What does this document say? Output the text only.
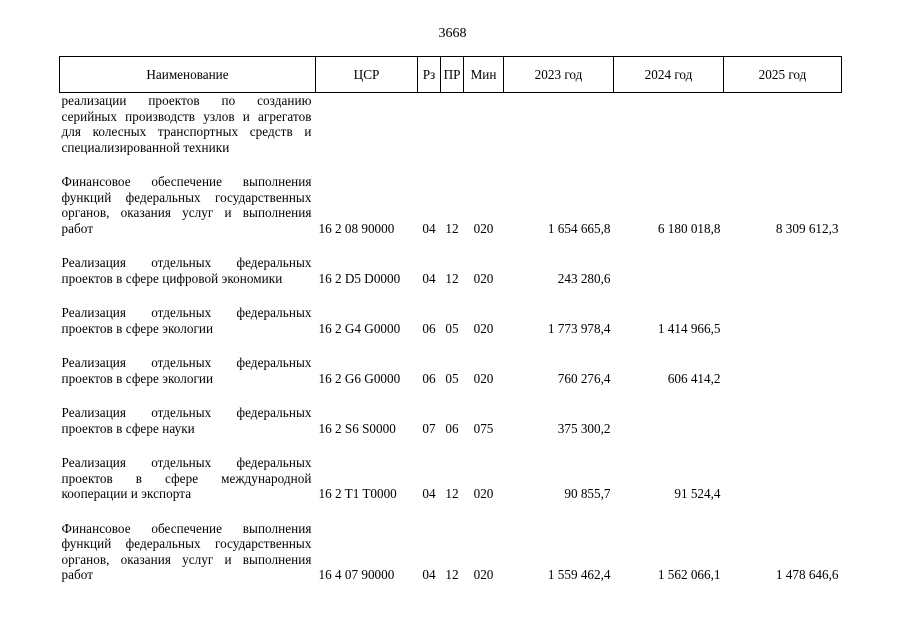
3668
Наименование	ЦСР	Рз	ПР	Мин	2023 год	2024 год	2025 год
реализации проектов по созданию серийных производств узлов и агрегатов для колесных транспортных средств и специализированной техники							
Финансовое обеспечение выполнения функций федеральных государственных органов, оказания услуг и выполнения работ	16 2 08 90000	04	12	020	1 654 665,8	6 180 018,8	8 309 612,3
Реализация отдельных федеральных проектов в сфере цифровой экономики	16 2 D5 D0000	04	12	020	243 280,6		
Реализация отдельных федеральных проектов в сфере экологии	16 2 G4 G0000	06	05	020	1 773 978,4	1 414 966,5	
Реализация отдельных федеральных проектов в сфере экологии	16 2 G6 G0000	06	05	020	760 276,4	606 414,2	
Реализация отдельных федеральных проектов в сфере науки	16 2 S6 S0000	07	06	075	375 300,2		
Реализация отдельных федеральных проектов в сфере международной кооперации и экспорта	16 2 T1 T0000	04	12	020	90 855,7	91 524,4	
Финансовое обеспечение выполнения функций федеральных государственных органов, оказания услуг и выполнения работ	16 4 07 90000	04	12	020	1 559 462,4	1 562 066,1	1 478 646,6
